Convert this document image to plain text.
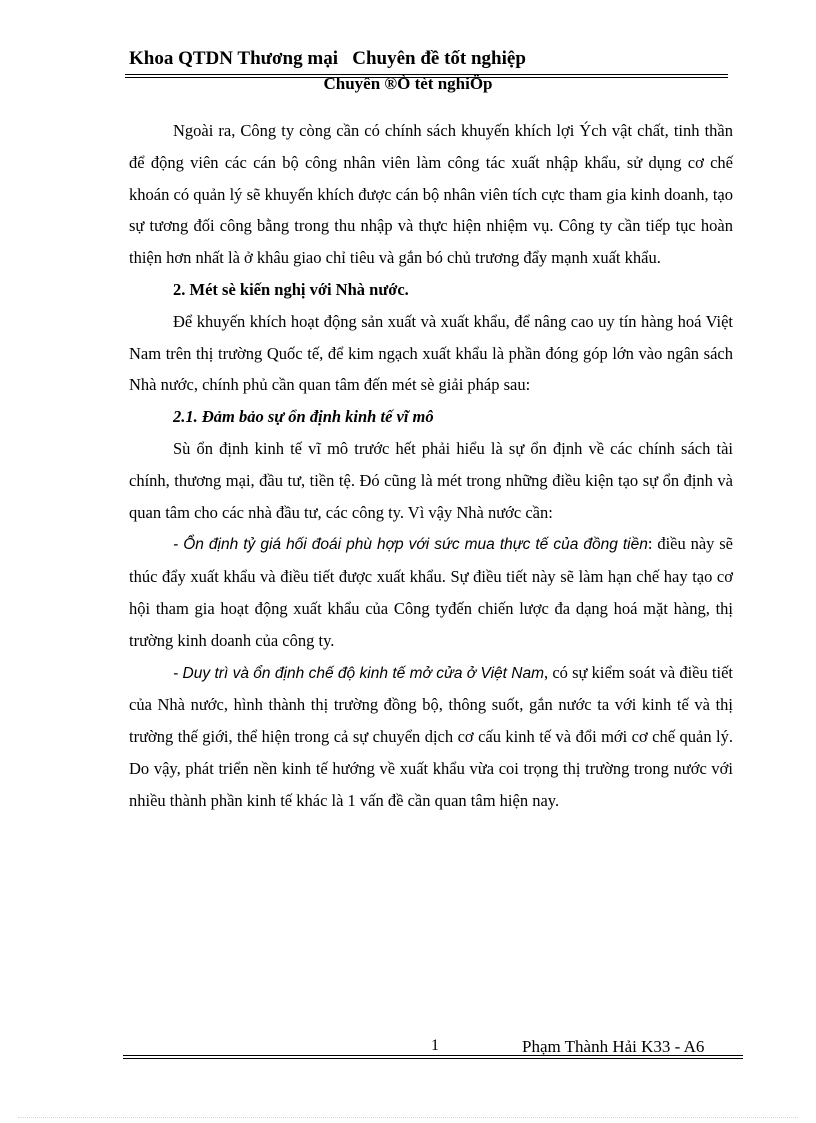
Khoa QTDN Thương mại Chuyên đề tốt nghiệp
Chuyên ®Ò tèt nghiÖp

Ngoài ra, Công ty còng cần có chính sách khuyến khích lợi Ých vật chất, tinh thần để động viên các cán bộ công nhân viên làm công tác xuất nhập khẩu, sử dụng cơ chế khoán có quản lý sẽ khuyến khích được cán bộ nhân viên tích cực tham gia kinh doanh, tạo sự tương đối công bằng trong thu nhập và thực hiện nhiệm vụ. Công ty cần tiếp tục hoàn thiện hơn nhất là ở khâu giao chỉ tiêu và gắn bó chủ trương đẩy mạnh xuất khẩu.

2. Mét sè kiến nghị với Nhà nước.

Để khuyến khích hoạt động sản xuất và xuất khẩu, để nâng cao uy tín hàng hoá Việt Nam trên thị trường Quốc tế, để kim ngạch xuất khẩu là phần đóng góp lớn vào ngân sách Nhà nước, chính phủ cần quan tâm đến mét sè giải pháp sau:

2.1. Đảm bảo sự ổn định kinh tế vĩ mô

Sù ổn định kinh tế vĩ mô trước hết phải hiểu là sự ổn định về các chính sách tài chính, thương mại, đầu tư, tiền tệ. Đó cũng là mét trong những điều kiện tạo sự ổn định và quan tâm cho các nhà đầu tư, các công ty. Vì vậy Nhà nước cần:

- Ổn định tỷ giá hối đoái phù hợp với sức mua thực tế của đồng tiền: điều này sẽ thúc đẩy xuất khẩu và điều tiết được xuất khẩu. Sự điều tiết này sẽ làm hạn chế hay tạo cơ hội tham gia hoạt động xuất khẩu của Công tyđến chiến lược đa dạng hoá mặt hàng, thị trường kinh doanh của công ty.

- Duy trì và ổn định chế độ kinh tế mở cửa ở Việt Nam, có sự kiểm soát và điều tiết của Nhà nước, hình thành thị trường đồng bộ, thông suốt, gắn nước ta với kinh tế và thị trường thế giới, thể hiện trong cả sự chuyển dịch cơ cấu kinh tế và đổi mới cơ chế quản lý. Do vậy, phát triển nền kinh tế hướng về xuất khẩu vừa coi trọng thị trường trong nước với nhiều thành phần kinh tế khác là 1 vấn đề cần quan tâm hiện nay.

1	Phạm Thành Hải K33 - A6
